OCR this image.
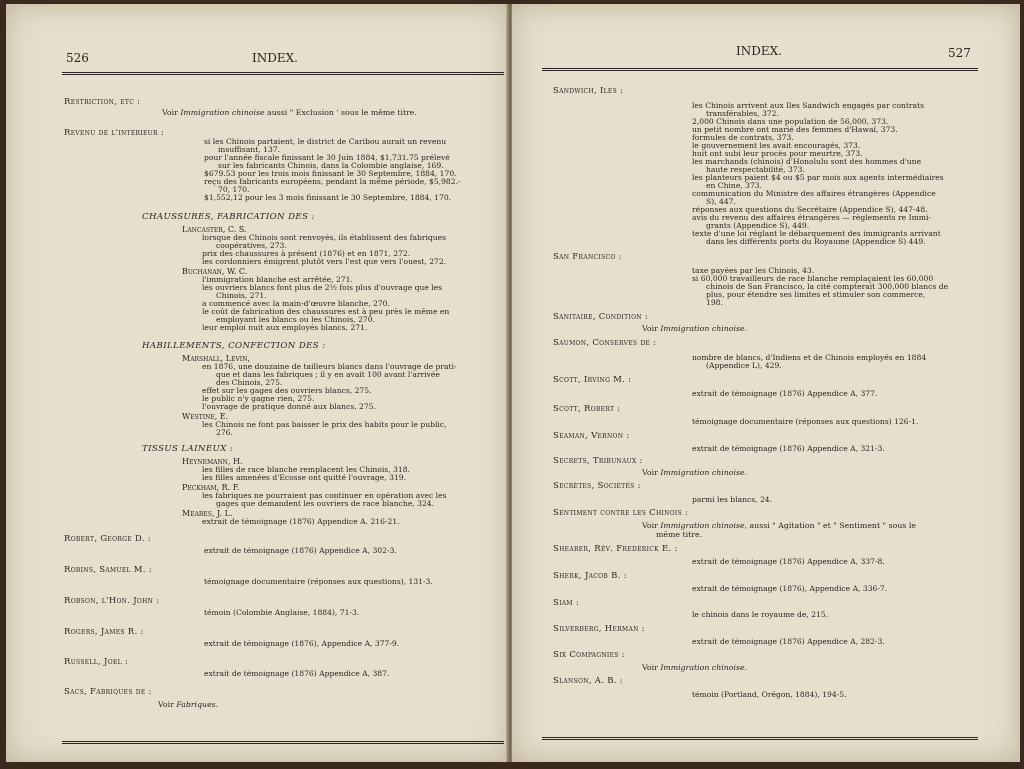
526	INDEX.
Restriction, etc :
Voir Immigration chinoise aussi " Exclusion ' sous le même titre.
Revenu de l'intérieur :
si les Chinois partaient, le district de Caribou aurait un revenu
insuffisant, 137.
pour l'année fiscale finissant le 30 Juin 1884, $1,731.75 prélevé
sur les fabricants Chinois, dans la Colombie anglaise, 169.
$679.53 pour les trois mois finissant le 30 Septembre, 1884, 170.
reçu des fabricants européens, pendant la même période, $5,982.-
70, 170.
$1,552,12 pour les 3 mois finissant le 30 Septembre, 1884, 170.
CHAUSSURES, FABRICATION DES :
Lancaster, C. S.
lorsque des Chinois sont renvoyés, ils établissent des fabriques
coopératives, 273.
prix des chaussures à présent (1876) et en 1871, 272.
les cordonniers émigrent plutôt vers l'est que vers l'ouest, 272.
Buchanan, W. C.
l'immigration blanche est arrêtée, 271.
les ouvriers blancs font plus de 2½ fois plus d'ouvrage que les
Chinois, 271.
a commencé avec la main-d'œuvre blanche, 270.
le coût de fabrication des chaussures est à peu près le même en
employant les blancs ou les Chinois, 270.
leur emploi nuit aux employés blancs, 271.
HABILLEMENTS, CONFECTION DES :
Marshall, Levin,
en 1876, une douzaine de tailleurs blancs dans l'ouvrage de prati-
que et dans les fabriques ; il y en avait 100 avant l'arrivée
des Chinois, 275.
effet sur les gages des ouvriers blancs, 275.
le public n'y gagne rien, 275.
l'ouvrage de pratique donné aux blancs, 275.
Westine, E.
les Chinois ne font pas baisser le prix des habits pour le public,
276.
TISSUS LAINEUX :
Heynemann, H.
les filles de race blanche remplacent les Chinois, 318.
les filles amenées d'Ecosse ont quitté l'ouvrage, 319.
Peckham, R. F.
les fabriques ne pourraient pas continuer en opération avec les
gages que demandent les ouvriers de race blanche, 324.
Meares, J. L.
extrait de témoignage (1876) Appendice A. 216-21.
Robert, George D. :
extrait de témoignage (1876) Appendice A, 302-3.
Robins, Samuel M. :
témoignage documentaire (réponses aux questions), 131-3.
Robson, l'Hon. John :
témoin (Colombie Anglaise, 1884), 71-3.
Rogers, James R. :
extrait de témoignage (1876), Appendice A, 377-9.
Russell, Joel :
extrait de témoignage (1876) Appendice A, 387.
Sacs, Fabriques de :
Voir Fabriques.
INDEX.	527
Sandwich, Iles :
les Chinois arrivent aux Iles Sandwich engagés par contrats
transférables, 372.
2,000 Chinois dans une population de 56,000, 373.
un petit nombre ont marié des femmes d'Hawaï, 373.
formules de contrats, 373.
le gouvernement les avait encouragés, 373.
huit ont subi leur procès pour meurtre, 373.
les marchands (chinois) d'Honolulu sont des hommes d'une
haute respectabilité, 373.
les planteurs paient $4 ou $5 par mois aux agents intermédiaires
en Chine, 373.
communication du Ministre des affaires étrangères (Appendice
S), 447.
réponses aux questions du Secrétaire (Appendice S), 447-48.
avis du revenu des affaires étrangères — règlements re Immi-
grants (Appendice S), 449.
texte d'une loi réglant le débarquement des immigrants arrivant
dans les différents ports du Royaume (Appendice S) 449.
San Francisco :
taxe payées par les Chinois, 43.
si 60,000 travailleurs de race blanche remplaçaient les 60,000
chinois de San Francisco, la cité compterait 300,000 blancs de
plus, pour étendre ses limites et stimuler son commerce,
198.
Sanitaire, Condition :
Voir Immigration chinoise.
Saumon, Conserves de :
nombre de blancs, d'Indiens et de Chinois employés en 1884
(Appendice L), 429.
Scott, Irving M. :
extrait de témoignage (1876) Appendice A, 377.
Scott, Robert :
témoignage documentaire (réponses aux questions) 126-1.
Seaman, Vernon :
extrait de témoignage (1876) Appendice A, 321-3.
Secrets, Tribunaux :
Voir Immigration chinoise.
Secrètes, Sociétés :
parmi les blancs, 24.
Sentiment contre les Chinois :
Voir Immigration chinoise, aussi " Agitation " et " Sentiment " sous le
même titre.
Shearer, Rév. Frederick E. :
extrait de témoignage (1876) Appendice A, 337-8.
Sherk, Jacob B. :
extrait de témoignage (1876), Appendice A, 336-7.
Siam :
le chinois dans le royaume de, 215.
Silverberg, Herman :
extrait de témoignage (1876) Appendice A, 282-3.
Six Compagnies :
Voir Immigration chinoise.
Slanson, A. B. :
témoin (Portland, Orégon, 1884), 194-5.
